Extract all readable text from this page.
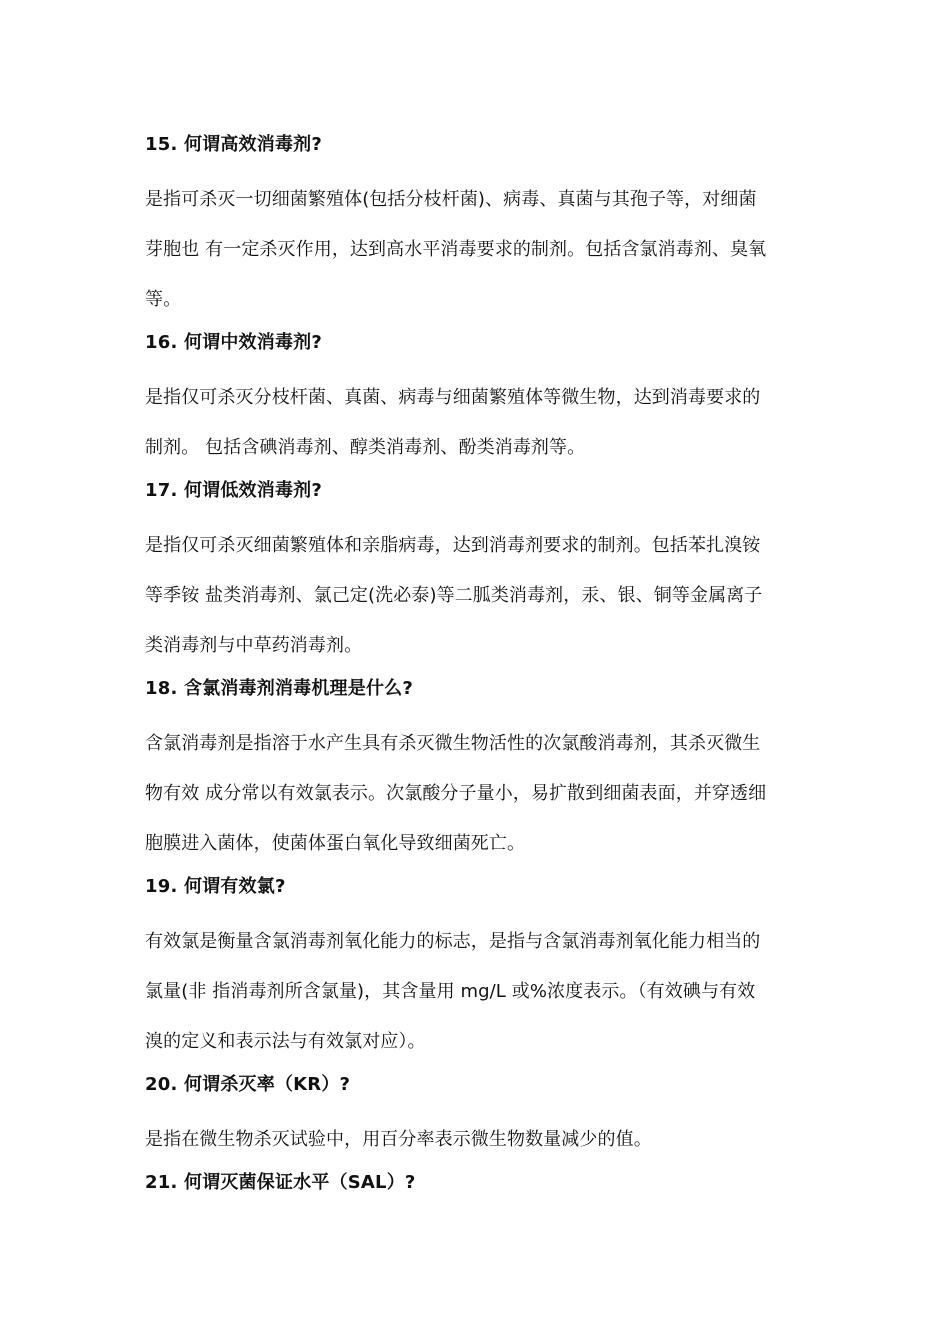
15. 何谓高效消毒剂?
是指可杀灭一切细菌繁殖体(包括分枝杆菌)、病毒、真菌与其孢子等，对细菌
芽胞也 有一定杀灭作用，达到高水平消毒要求的制剂。包括含氯消毒剂、臭氧
等。
16. 何谓中效消毒剂?
是指仅可杀灭分枝杆菌、真菌、病毒与细菌繁殖体等微生物，达到消毒要求的
制剂。 包括含碘消毒剂、醇类消毒剂、酚类消毒剂等。
17. 何谓低效消毒剂?
是指仅可杀灭细菌繁殖体和亲脂病毒，达到消毒剂要求的制剂。包括苯扎溴铵
等季铵 盐类消毒剂、氯己定(洗必泰)等二胍类消毒剂，汞、银、铜等金属离子
类消毒剂与中草药消毒剂。
18. 含氯消毒剂消毒机理是什么?
含氯消毒剂是指溶于水产生具有杀灭微生物活性的次氯酸消毒剂，其杀灭微生
物有效 成分常以有效氯表示。次氯酸分子量小，易扩散到细菌表面，并穿透细
胞膜进入菌体，使菌体蛋白氧化导致细菌死亡。
19. 何谓有效氯?
有效氯是衡量含氯消毒剂氧化能力的标志，是指与含氯消毒剂氧化能力相当的
氯量(非 指消毒剂所含氯量)，其含量用 mg/L 或%浓度表示。（有效碘与有效
溴的定义和表示法与有效氯对应）。
20. 何谓杀灭率（KR）?
是指在微生物杀灭试验中，用百分率表示微生物数量减少的值。
21. 何谓灭菌保证水平（SAL）?
